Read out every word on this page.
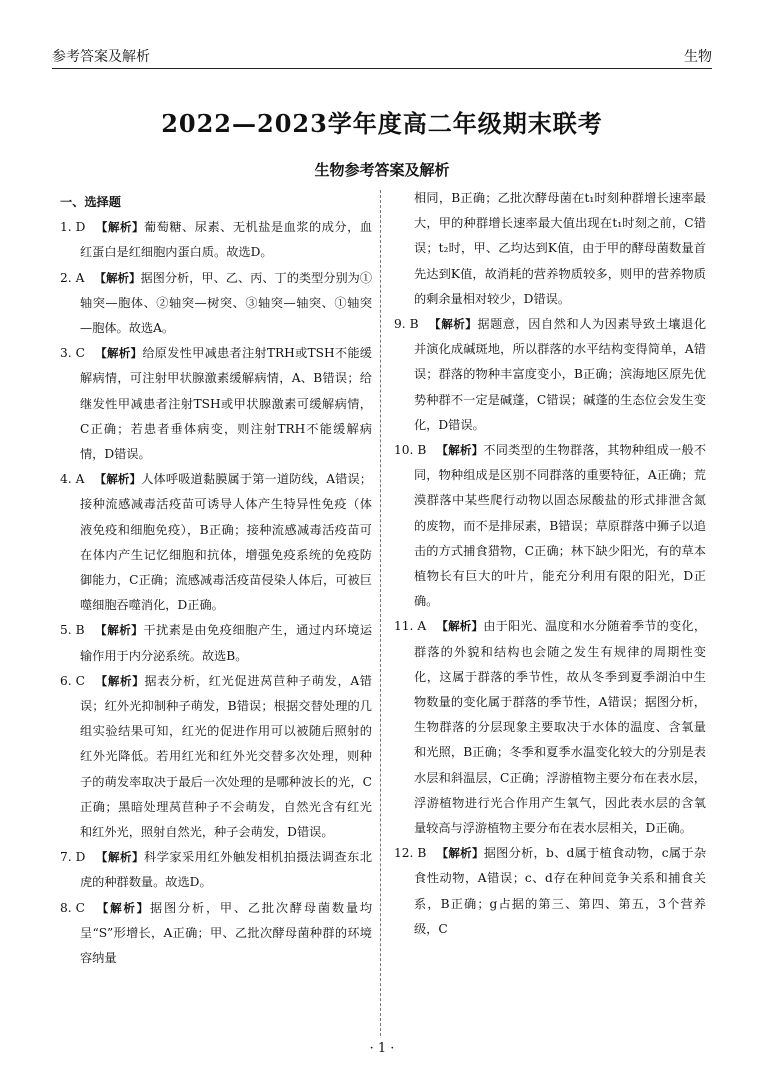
参考答案及解析	生物
2022—2023学年度高二年级期末联考
生物参考答案及解析
一、选择题
1. D 【解析】葡萄糖、尿素、无机盐是血浆的成分，血红蛋白是红细胞内蛋白质。故选D。
2. A 【解析】据图分析，甲、乙、丙、丁的类型分别为①轴突—胞体、②轴突—树突、③轴突—轴突、①轴突—胞体。故选A。
3. C 【解析】给原发性甲减患者注射TRH或TSH不能缓解病情，可注射甲状腺激素缓解病情，A、B错误；给继发性甲减患者注射TSH或甲状腺激素可缓解病情，C正确；若患者垂体病变，则注射TRH不能缓解病情，D错误。
4. A 【解析】人体呼吸道黏膜属于第一道防线，A错误；接种流感减毒活疫苗可诱导人体产生特异性免疫（体液免疫和细胞免疫），B正确；接种流感减毒活疫苗可在体内产生记忆细胞和抗体，增强免疫系统的免疫防御能力，C正确；流感减毒活疫苗侵染人体后，可被巨噬细胞吞噬消化，D正确。
5. B 【解析】干扰素是由免疫细胞产生，通过内环境运输作用于内分泌系统。故选B。
6. C 【解析】据表分析，红光促进莴苣种子萌发，A错误；红外光抑制种子萌发，B错误；根据交替处理的几组实验结果可知，红光的促进作用可以被随后照射的红外光降低。若用红光和红外光交替多次处理，则种子的萌发率取决于最后一次处理的是哪种波长的光，C正确；黑暗处理莴苣种子不会萌发，自然光含有红光和红外光，照射自然光，种子会萌发，D错误。
7. D 【解析】科学家采用红外触发相机拍摄法调查东北虎的种群数量。故选D。
8. C 【解析】据图分析，甲、乙批次酵母菌数量均呈“S”形增长，A正确；甲、乙批次酵母菌种群的环境容纳量
相同，B正确；乙批次酵母菌在t₁时刻种群增长速率最大，甲的种群增长速率最大值出现在t₁时刻之前，C错误；t₂时，甲、乙均达到K值，由于甲的酵母菌数量首先达到K值，故消耗的营养物质较多，则甲的营养物质的剩余量相对较少，D错误。
9. B 【解析】据题意，因自然和人为因素导致土壤退化并演化成碱斑地，所以群落的水平结构变得简单，A错误；群落的物种丰富度变小，B正确；滨海地区原先优势种群不一定是碱蓬，C错误；碱蓬的生态位会发生变化，D错误。
10. B 【解析】不同类型的生物群落，其物种组成一般不同，物种组成是区别不同群落的重要特征，A正确；荒漠群落中某些爬行动物以固态尿酸盐的形式排泄含氮的废物，而不是排尿素，B错误；草原群落中狮子以追击的方式捕食猎物，C正确；林下缺少阳光，有的草本植物长有巨大的叶片，能充分利用有限的阳光，D正确。
11. A 【解析】由于阳光、温度和水分随着季节的变化，群落的外貌和结构也会随之发生有规律的周期性变化，这属于群落的季节性，故从冬季到夏季湖泊中生物数量的变化属于群落的季节性，A错误；据图分析，生物群落的分层现象主要取决于水体的温度、含氧量和光照，B正确；冬季和夏季水温变化较大的分别是表水层和斜温层，C正确；浮游植物主要分布在表水层，浮游植物进行光合作用产生氧气，因此表水层的含氧量较高与浮游植物主要分布在表水层相关，D正确。
12. B 【解析】据图分析，b、d属于植食动物，c属于杂食性动物，A错误；c、d存在种间竞争关系和捕食关系，B正确；g占据的第三、第四、第五，3个营养级，C
· 1 ·
